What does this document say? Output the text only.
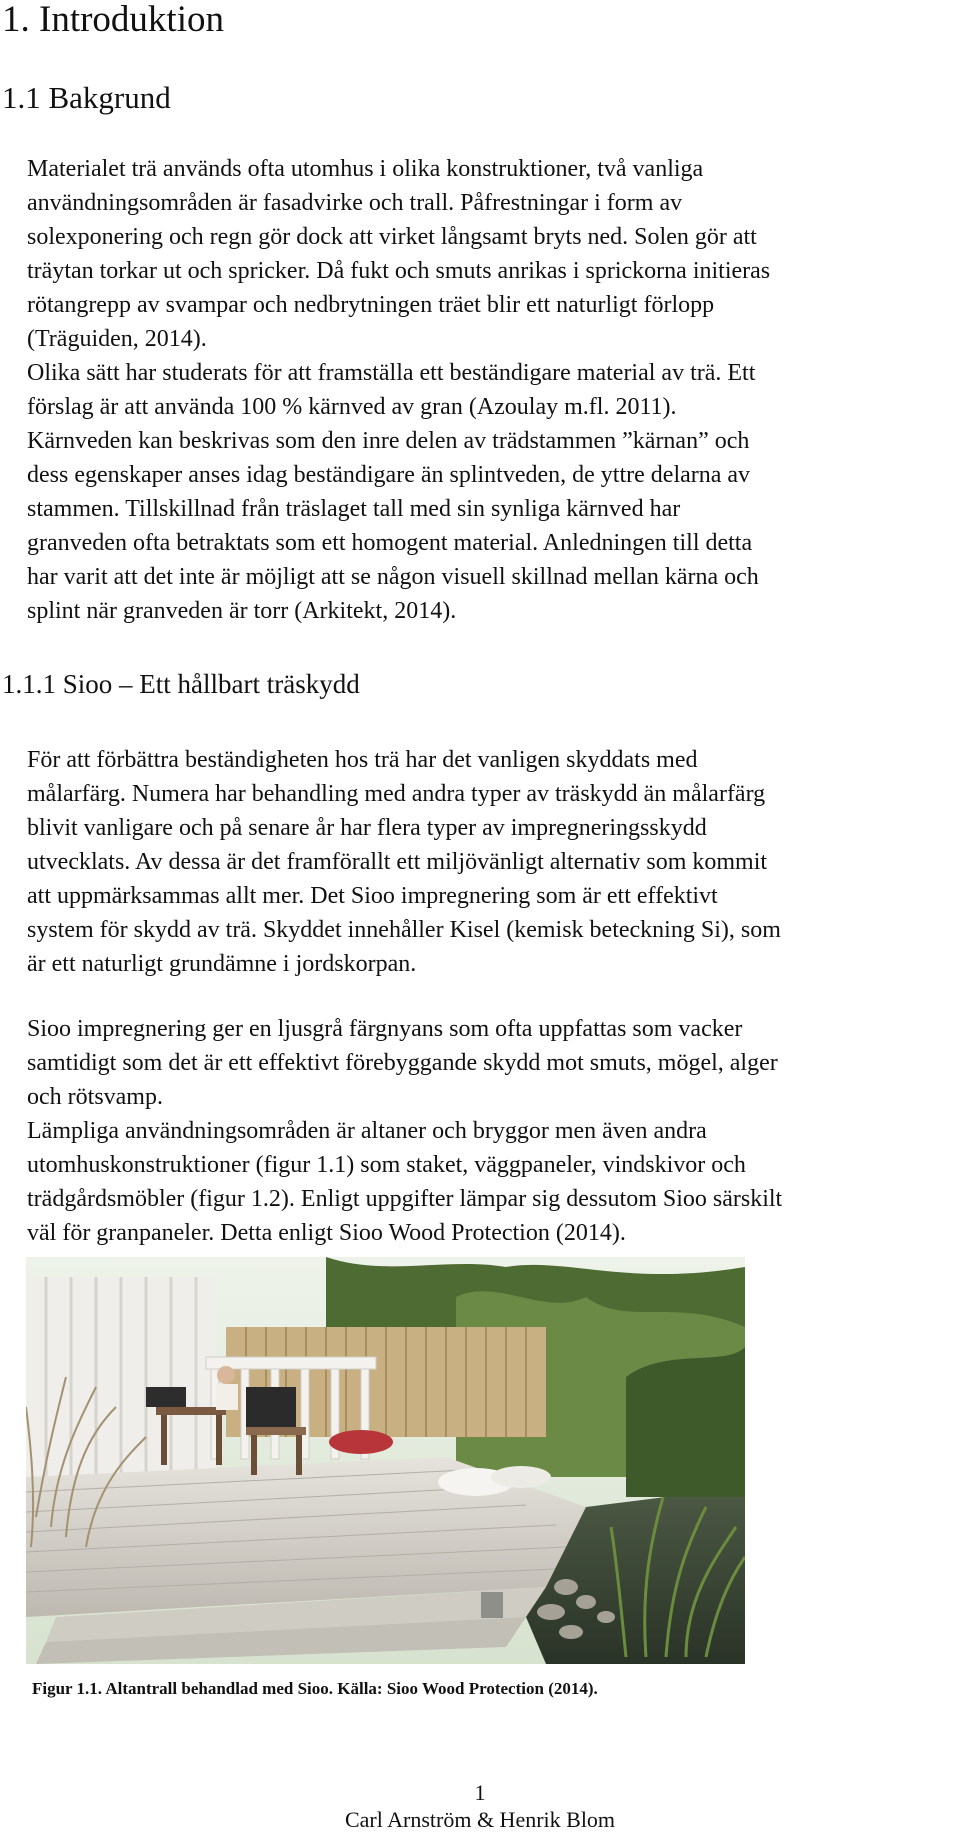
1. Introduktion
1.1 Bakgrund
Materialet trä används ofta utomhus i olika konstruktioner, två vanliga
användningsområden är fasadvirke och trall. Påfrestningar i form av
solexponering och regn gör dock att virket långsamt bryts ned. Solen gör att
träytan torkar ut och spricker. Då fukt och smuts anrikas i sprickorna initieras
rötangrepp av svampar och nedbrytningen träet blir ett naturligt förlopp
(Träguiden, 2014).
Olika sätt har studerats för att framställa ett beständigare material av trä. Ett
förslag är att använda 100 % kärnved av gran (Azoulay m.fl. 2011).
Kärnveden kan beskrivas som den inre delen av trädstammen ”kärnan” och
dess egenskaper anses idag beständigare än splintveden, de yttre delarna av
stammen. Tillskillnad från träslaget tall med sin synliga kärnved har
granveden ofta betraktats som ett homogent material. Anledningen till detta
har varit att det inte är möjligt att se någon visuell skillnad mellan kärna och
splint när granveden är torr (Arkitekt, 2014).
1.1.1 Sioo – Ett hållbart träskydd
För att förbättra beständigheten hos trä har det vanligen skyddats med
målarfärg. Numera har behandling med andra typer av träskydd än målarfärg
blivit vanligare och på senare år har flera typer av impregneringsskydd
utvecklats. Av dessa är det framförallt ett miljövänligt alternativ som kommit
att uppmärksammas allt mer. Det Sioo impregnering som är ett effektivt
system för skydd av trä. Skyddet innehåller Kisel (kemisk beteckning Si), som
är ett naturligt grundämne i jordskorpan.
Sioo impregnering ger en ljusgrå färgnyans som ofta uppfattas som vacker
samtidigt som det är ett effektivt förebyggande skydd mot smuts, mögel, alger
och rötsvamp.
Lämpliga användningsområden är altaner och bryggor men även andra
utomhuskonstruktioner (figur 1.1) som staket, väggpaneler, vindskivor och
trädgårdsmöbler (figur 1.2). Enligt uppgifter lämpar sig dessutom Sioo särskilt
väl för granpaneler. Detta enligt Sioo Wood Protection (2014).
Figur 1.1. Altantrall behandlad med Sioo. Källa: Sioo Wood Protection (2014).
1
Carl Arnström & Henrik Blom
